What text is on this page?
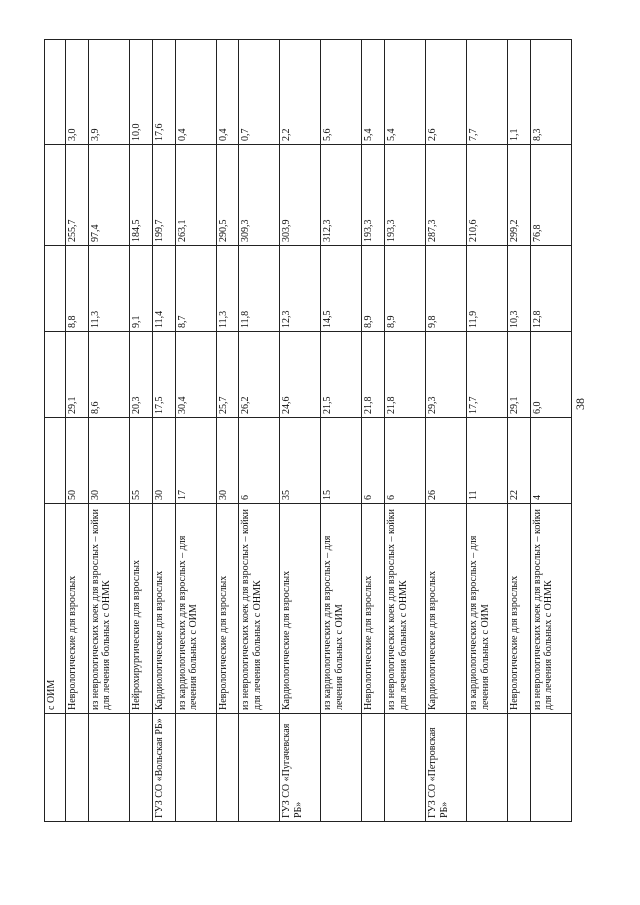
	с ОИМ					
	Неврологические для взрослых	50	29,1	8,8	255,7	3,0
	из неврологических коек для взрослых – койки для лечения больных с ОНМК	30	8,6	11,3	97,4	3,9
	Нейрохирургические для взрослых	55	20,3	9,1	184,5	10,0
ГУЗ СО «Вольская РБ»	Кардиологические для взрослых	30	17,5	11,4	199,7	17,6
	из кардиологических для взрослых – для лечения больных с ОИМ	17	30,4	8,7	263,1	0,4
	Неврологические для взрослых	30	25,7	11,3	290,5	0,4
	из неврологических коек для взрослых – койки для лечения больных с ОНМК	6	26,2	11,8	309,3	0,7
ГУЗ СО «Пугачевская РБ»	Кардиологические для взрослых	35	24,6	12,3	303,9	2,2
	из кардиологических для взрослых – для лечения больных с ОИМ	15	21,5	14,5	312,3	5,6
	Неврологические для взрослых	6	21,8	8,9	193,3	5,4
	из неврологических коек для взрослых – койки для лечения больных с ОНМК	6	21,8	8,9	193,3	5,4
ГУЗ СО «Петровская РБ»	Кардиологические для взрослых	26	29,3	9,8	287,3	2,6
	из кардиологических для взрослых – для лечения больных с ОИМ	11	17,7	11,9	210,6	7,7
	Неврологические для взрослых	22	29,1	10,3	299,2	1,1
	из неврологических коек для взрослых – койки для лечения больных с ОНМК	4	6,0	12,8	76,8	8,3
38
